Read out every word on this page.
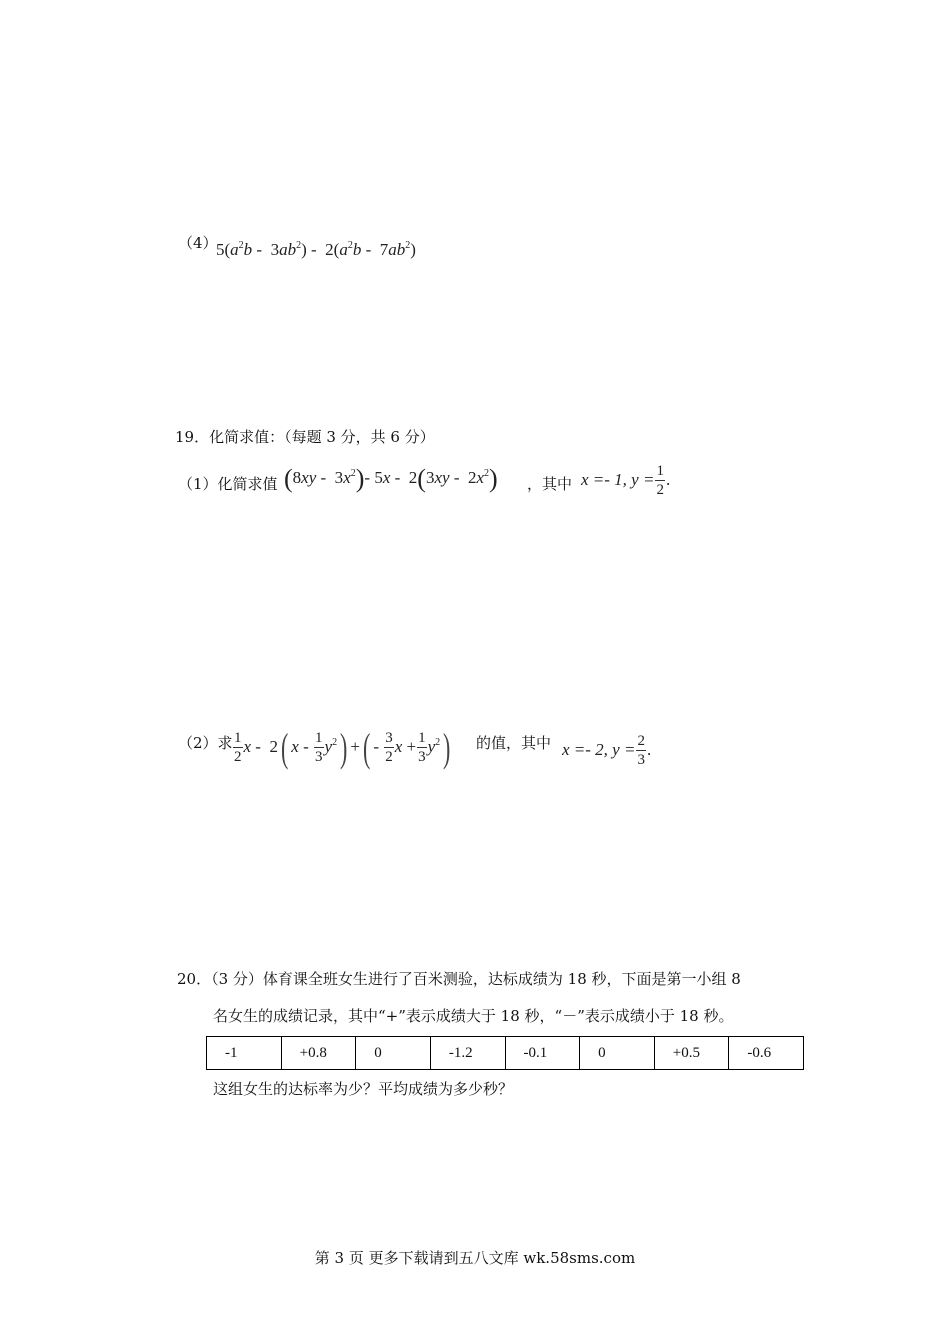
（4）
$5(a^2b - 3ab^2) - 2(a^2b - 7ab^2)$
19．化简求值：（每题 3 分，共 6 分）
（1）化简求值 $(8xy - 3x^2)-$ $5x - 2(3xy - 2x^2)$ ，其中 x =- 1, $y = \frac{1}{2}$ .
（2）求 $\frac{1}{2}$ x -  2( x - $\frac{1}{3} y^2$) +( - $\frac{3}{2}$ $x + \frac{1}{3} y^2$) 的值，其中 x =- 2, $y = \frac{2}{3}$ .
20．（3 分）体育课全班女生进行了百米测验，达标成绩为 18 秒，下面是第一小组 8
名女生的成绩记录，其中“+”表示成绩大于 18 秒，“－”表示成绩小于 18 秒。
-1	+0.8	0	-1.2	-0.1	0	+0.5	-0.6
这组女生的达标率为少？平均成绩为多少秒？
第 3 页 更多下载请到五八文库 wk.58sms.com
